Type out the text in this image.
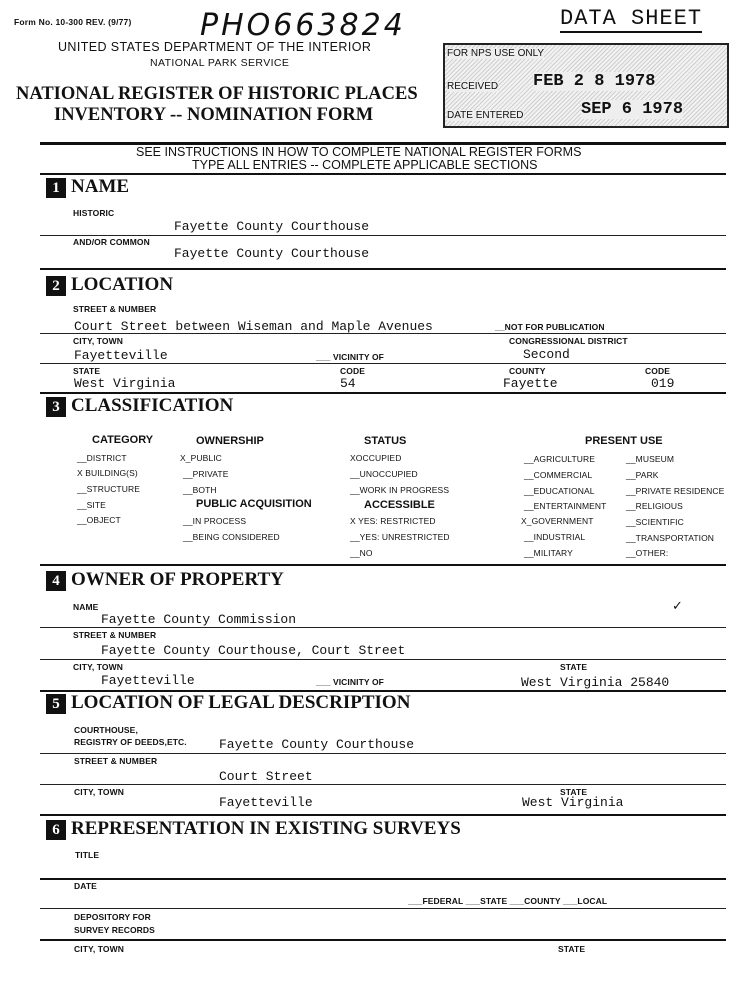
Form No. 10-300 REV. (9/77) PHO663824	DATA SHEET
UNITED STATES DEPARTMENT OF THE INTERIOR
NATIONAL PARK SERVICE
NATIONAL REGISTER OF HISTORIC PLACES
INVENTORY -- NOMINATION FORM
FOR NPS USE ONLY
RECEIVED FEB 2 8 1978
DATE ENTERED	SEP 6 1978
SEE INSTRUCTIONS IN HOW TO COMPLETE NATIONAL REGISTER FORMS
TYPE ALL ENTRIES -- COMPLETE APPLICABLE SECTIONS
1 NAME
HISTORIC
Fayette County Courthouse
AND/OR COMMON
Fayette County Courthouse
2 LOCATION
STREET & NUMBER
Court Street between Wiseman and Maple Avenues	__NOT FOR PUBLICATION
CITY, TOWN
Fayetteville	___ VICINITY OF
CONGRESSIONAL DISTRICT
Second
STATE
West Virginia
CODE
54
COUNTY
Fayette
CODE
019
3 CLASSIFICATION
CATEGORY
__DISTRICT
X BUILDING(S)
__STRUCTURE
__SITE
__OBJECT
OWNERSHIP
X_PUBLIC
__PRIVATE
__BOTH
PUBLIC ACQUISITION
__IN PROCESS
__BEING CONSIDERED
STATUS
XOCCUPIED
__UNOCCUPIED
__WORK IN PROGRESS
ACCESSIBLE
X YES: RESTRICTED
__YES: UNRESTRICTED
__NO
PRESENT USE
__AGRICULTURE
__COMMERCIAL
__EDUCATIONAL
__ENTERTAINMENT
X_GOVERNMENT
__INDUSTRIAL
__MILITARY
__MUSEUM
__PARK
__PRIVATE RESIDENCE
__RELIGIOUS
__SCIENTIFIC
__TRANSPORTATION
__OTHER:
4 OWNER OF PROPERTY
NAME	✓
Fayette County Commission
STREET & NUMBER
Fayette County Courthouse, Court Street
CITY, TOWN
Fayetteville	___ VICINITY OF
STATE
West Virginia 25840
5 LOCATION OF LEGAL DESCRIPTION
COURTHOUSE,
REGISTRY OF DEEDS,ETC. Fayette County Courthouse
STREET & NUMBER
Court Street
CITY, TOWN
Fayetteville
STATE
West Virginia
6 REPRESENTATION IN EXISTING SURVEYS
TITLE
DATE
___FEDERAL ___STATE ___COUNTY ___LOCAL
DEPOSITORY FOR
SURVEY RECORDS
CITY, TOWN	STATE
